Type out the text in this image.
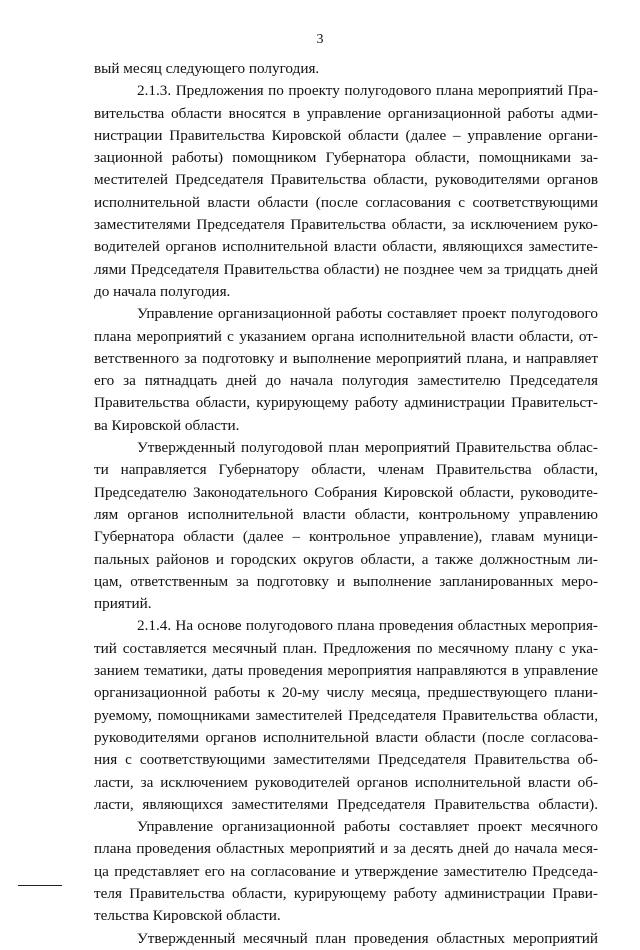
3
вый месяц следующего полугодия.
2.1.3. Предложения по проекту полугодового плана мероприятий Пра-
вительства области вносятся в управление организационной работы адми-
нистрации Правительства Кировской области (далее – управление органи-
зационной работы) помощником Губернатора области, помощниками за-
местителей Председателя Правительства области, руководителями органов
исполнительной власти области (после согласования с соответствующими
заместителями Председателя Правительства области, за исключением руко-
водителей органов исполнительной власти области, являющихся заместите-
лями Председателя Правительства области) не позднее чем за тридцать дней
до начала полугодия.
Управление организационной работы составляет проект полугодового
плана мероприятий с указанием органа исполнительной власти области, от-
ветственного за подготовку и выполнение мероприятий плана, и направляет
его за пятнадцать дней до начала полугодия заместителю Председателя
Правительства области, курирующему работу администрации Правительст-
ва Кировской области.
Утвержденный полугодовой план мероприятий Правительства облас-
ти направляется Губернатору области, членам Правительства области,
Председателю Законодательного Собрания Кировской области, руководите-
лям органов исполнительной власти области, контрольному управлению
Губернатора области (далее – контрольное управление), главам муници-
пальных районов и городских округов области, а также должностным ли-
цам, ответственным за подготовку и выполнение запланированных меро-
приятий.
2.1.4. На основе полугодового плана проведения областных мероприя-
тий составляется месячный план. Предложения по месячному плану с ука-
занием тематики, даты проведения мероприятия направляются в управление
организационной работы к 20-му числу месяца, предшествующего плани-
руемому, помощниками заместителей Председателя Правительства области,
руководителями органов исполнительной власти области (после согласова-
ния с соответствующими заместителями Председателя Правительства об-
ласти, за исключением руководителей органов исполнительной власти об-
ласти, являющихся заместителями Председателя Правительства области).
Управление организационной работы составляет проект месячного
плана проведения областных мероприятий и за десять дней до начала меся-
ца представляет его на согласование и утверждение заместителю Председа-
теля Правительства области, курирующему работу администрации Прави-
тельства Кировской области.
Утвержденный месячный план проведения областных мероприятий
